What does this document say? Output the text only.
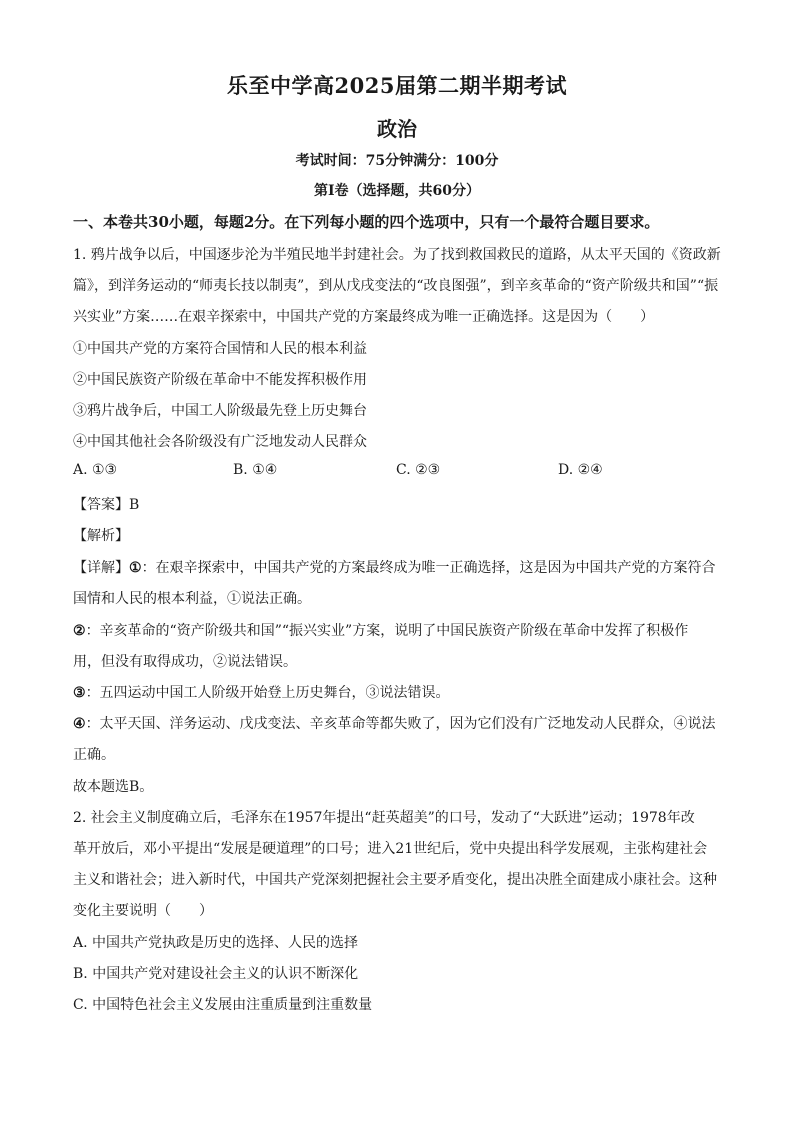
乐至中学高2025届第二期半期考试
政治
考试时间：75分钟满分：100分
第Ⅰ卷（选择题，共60分）
一、本卷共30小题，每题2分。在下列每小题的四个选项中，只有一个最符合题目要求。
1. 鸦片战争以后，中国逐步沦为半殖民地半封建社会。为了找到救国救民的道路，从太平天国的《资政新
篇》，到洋务运动的“师夷长技以制夷”，到从戊戌变法的“改良图强”，到辛亥革命的“资产阶级共和国”“振
兴实业”方案……在艰辛探索中，中国共产党的方案最终成为唯一正确选择。这是因为（　　）
①中国共产党的方案符合国情和人民的根本利益
②中国民族资产阶级在革命中不能发挥积极作用
③鸦片战争后，中国工人阶级最先登上历史舞台
④中国其他社会各阶级没有广泛地发动人民群众
A. ①③	B. ①④	C. ②③	D. ②④
【答案】B
【解析】
【详解】①：在艰辛探索中，中国共产党的方案最终成为唯一正确选择，这是因为中国共产党的方案符合
国情和人民的根本利益，①说法正确。
②：辛亥革命的“资产阶级共和国”“振兴实业”方案，说明了中国民族资产阶级在革命中发挥了积极作
用，但没有取得成功，②说法错误。
③：五四运动中国工人阶级开始登上历史舞台，③说法错误。
④：太平天国、洋务运动、戊戌变法、辛亥革命等都失败了，因为它们没有广泛地发动人民群众，④说法
正确。
故本题选B。
2. 社会主义制度确立后，毛泽东在1957年提出“赶英超美”的口号，发动了“大跃进”运动；1978年改
革开放后，邓小平提出“发展是硬道理”的口号；进入21世纪后，党中央提出科学发展观，主张构建社会
主义和谐社会；进入新时代，中国共产党深刻把握社会主要矛盾变化，提出决胜全面建成小康社会。这种
变化主要说明（　　）
A. 中国共产党执政是历史的选择、人民的选择
B. 中国共产党对建设社会主义的认识不断深化
C. 中国特色社会主义发展由注重质量到注重数量
